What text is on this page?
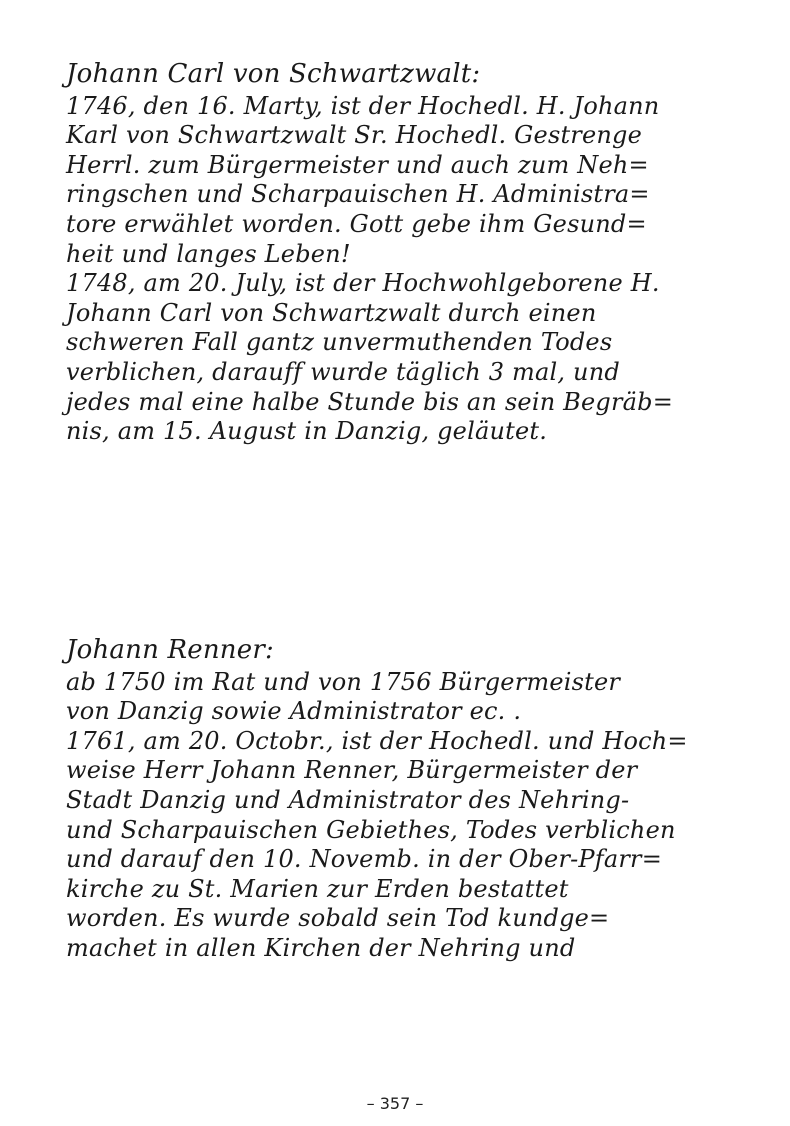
Johann Carl von Schwartzwalt:
1746, den 16. Marty, ist der Hochedl. H. Johann
Karl von Schwartzwalt Sr. Hochedl. Gestrenge
Herrl. zum Bürgermeister und auch zum Neh=
ringschen und Scharpauischen H. Administra=
tore erwählet worden. Gott gebe ihm Gesund=
heit und langes Leben!
1748, am 20. July, ist der Hochwohlgeborene H.
Johann Carl von Schwartzwalt durch einen
schweren Fall gantz unvermuthenden Todes
verblichen, darauff wurde täglich 3 mal, und
jedes mal eine halbe Stunde bis an sein Begräb=
nis, am 15. August in Danzig, geläutet.
Johann Renner:
ab 1750 im Rat und von 1756 Bürgermeister
von Danzig sowie Administrator ec. .
1761, am 20. Octobr., ist der Hochedl. und Hoch=
weise Herr Johann Renner, Bürgermeister der
Stadt Danzig und Administrator des Nehring-
und Scharpauischen Gebiethes, Todes verblichen
und darauf den 10. Novemb. in der Ober-Pfarr=
kirche zu St. Marien zur Erden bestattet
worden. Es wurde sobald sein Tod kundge=
machet in allen Kirchen der Nehring und
– 357 –
